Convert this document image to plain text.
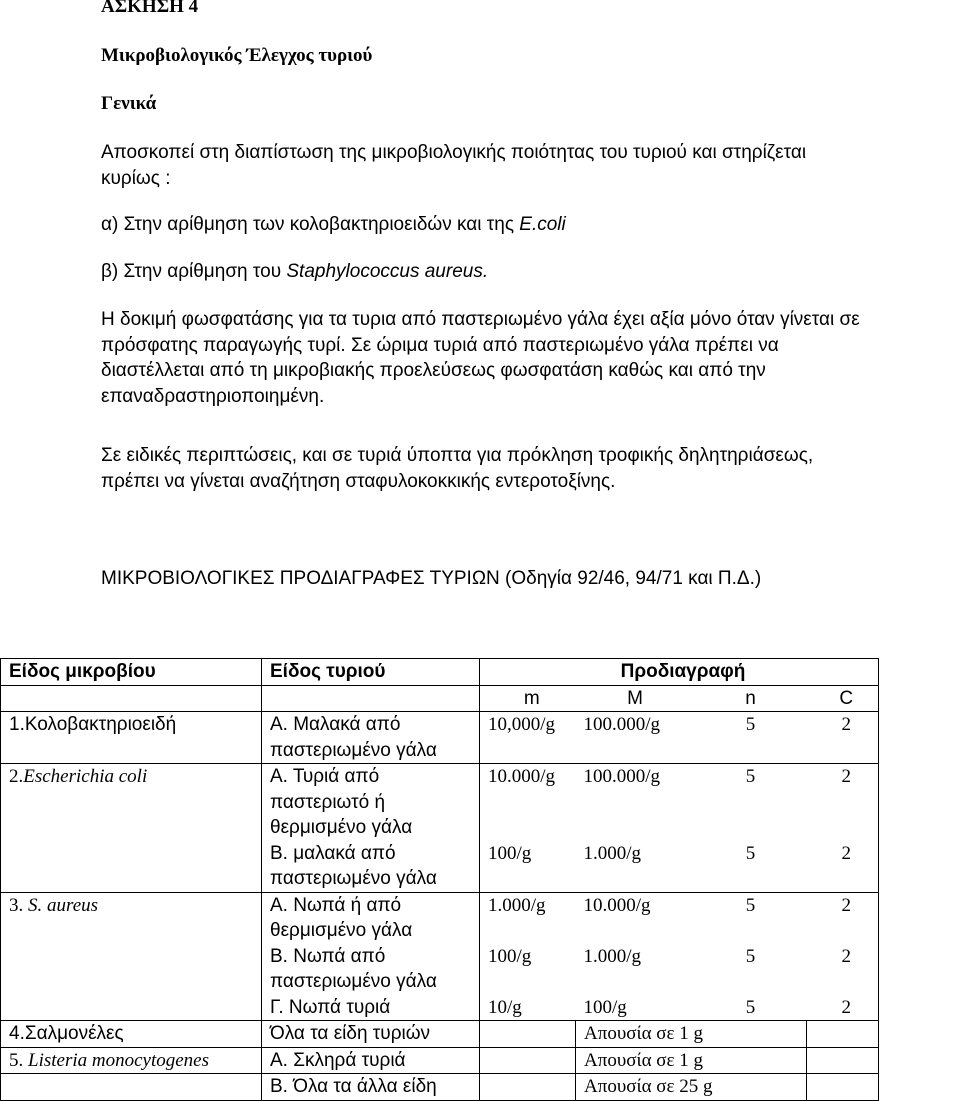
ΑΣΚΗΣΗ 4
Μικροβιολογικός Έλεγχος τυριού
Γενικά

Αποσκοπεί στη διαπίστωση της μικροβιολογικής ποιότητας του τυριού και στηρίζεται

κυρίως :

α) Στην αρίθμηση των κολοβακτηριοειδών και της E.coli
β) Στην αρίθμηση του Staphylococcus aureus.
Η δοκιμή φωσφατάσης για τα τυρια από παστεριωμένο γάλα έχει αξία μόνο όταν γίνεται σε πρόσφατης παραγωγής τυρί. Σε ώριμα τυριά από παστεριωμένο γάλα πρέπει να διαστέλλεται από τη μικροβιακής προελεύσεως φωσφατάση καθώς και από την επαναδραστηριοποιημένη.
Σε ειδικές περιπτώσεις, και σε τυριά ύποπτα για πρόκληση τροφικής δηλητηριάσεως, πρέπει να γίνεται αναζήτηση σταφυλοκοκκικής εντεροτοξίνης.
ΜΙΚΡΟΒΙΟΛΟΓΙΚΕΣ ΠΡΟΔΙΑΓΡΑΦΕΣ ΤΥΡΙΩΝ (Οδηγία 92/46, 94/71 και Π.Δ.)
Είδος μικροβίου	Είδος τυριού	Προδιαγραφή			
		m	M	n	C
1.Κολοβακτηριοειδή	Α. Μαλακά από παστεριωμένο γάλα	10,000/g	100.000/g	5	2
2.Escherichia coli	Α. Τυριά από παστεριωτό ή θερμισμένο γάλα	10.000/g	100.000/g	5	2
	Β. μαλακά από παστεριωμένο γάλα	100/g	1.000/g	5	2
3. S. aureus	Α. Νωπά ή από θερμισμένο γάλα	1.000/g	10.000/g	5	2
	Β. Νωπά από παστεριωμένο γάλα	100/g	1.000/g	5	2
	Γ. Νωπά τυριά	10/g	100/g	5	2
4.Σαλμονέλες	Όλα τα είδη τυριών		Απουσία σε 1 g		
5. Listeria monocytogenes	Α. Σκληρά τυριά		Απουσία σε 1 g		
	Β. Όλα τα άλλα είδη		Απουσία σε 25 g		
